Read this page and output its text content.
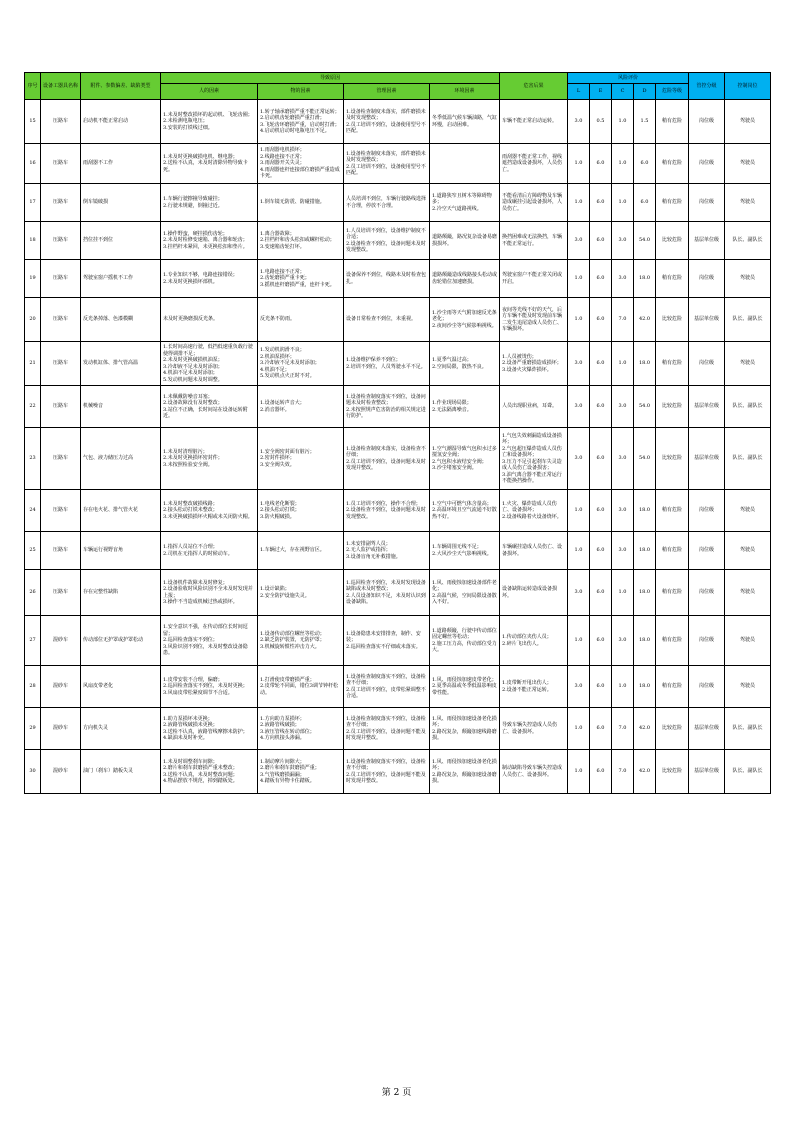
序号	设备工器具名称	附件、参数偏差、缺陷类型	导致原因				危害后果	风险评价					管控分级	控制岗位
			人的因素	物的因素	管理因素	环境因素		L	E	C	D	危险等级		
15	压路车	启动机不能正常启动	1.未及时整改损坏的起动机、飞轮齿圈；
2.未检测电瓶电压；
3.安装的打铁线过细。	1.转子轴承磨损严重不能正常运转；
2.启动机齿轮磨损严重打滑；
3.飞轮齿环磨损严重，启动时打滑；
4.启动机启动时电瓶电压不足。	1.设备检查制度未落实，部件磨损未及时发现整改；
2.员工培训不到位，设备使用型号不匹配。	冬季低温气候车辆油路，气缸环慢，启动困难。	车辆不能正常启动运转。	3.0	0.5	1.0	1.5	稍有危险	岗位级	驾驶员
16	压路车	雨刮器不工作	1.未及时更换破损电机、继电器；
2.送检不认真，未及时清除异物导致卡死。	1.雨刮器电机损坏；
2.线路连接不正常；
3.雨刮器开关失灵；
4.雨刮器连杆连接部位磨损严重造成卡死。	1.设备检查制度未落实，部件磨损未及时发现整改；
2.员工培训不到位，设备使用型号不匹配。		雨刮器不能正常工作，视线遮挡造成设备损坏，人员伤亡。	1.0	6.0	1.0	6.0	稍有危险	岗位级	驾驶员
17	压路车	倒车镜破损	1.车辆行驶擦撞导致碰挂；
2.行驶未规避，倒撞过近。	1.倒车镜无防震、防碰措施。	人员培训不到位，车辆行驶路线选择不合理，停放不合理。	1.道路狭窄且树木等障碍物多；
2.冷空天气道路视线。	不能看清后方障碍物及车辆造成碾挂引起设备损坏，人员伤亡。	1.0	6.0	1.0	6.0	稍有危险	岗位级	驾驶员
18	压路车	挡位挂不到位	1.操作野蛮，硬挂损伤齿轮；
2.未及时检修变速箱、离合器和轮齿；
3.挂档杆未紧回，未更换松扣和垫片。	1.离合器故障；
2.挂档杆和齿头松扣或螺杆松动；
3.变速箱齿轮打坏。	1.人员培训不到位，设备维护制度不合适；
2.设备检查不到位，设备问题未及时发现整改。	道路颠簸，路况复杂设备易磨损损坏。	换挡困难或无法换挡，车辆不能正常运行。	3.0	6.0	3.0	54.0	比较危险	基层单位级	队长、副队长
19	压路车	驾驶室窗户摇机不工作	1.专业知识不够，电路连接错误；
2.未及时更换损坏部机。	1.电路连接不正常；
2.齿轮磨损严重卡死；
3.摇机连杆磨损严重，连杆卡死。	设备保养不到位，线路未及时检查包扎。	道路颠簸造成线路接头松动或齿轮错位加速磨损。	驾驶室窗户不能正常关闭或开启。	1.0	6.0	3.0	18.0	稍有危险	岗位级	驾驶员
20	压路车	反光条掉落、色漆模糊	未及时更换磨损反光条。	反光条不防雨。	设备日常检查不到位，未重视。	1.沙尘雨等天气附加速反光条老化；
2.夜间沙尘等气候影响视线。	夜间等光线不好的天气，后方车辆不能及时发现前车辆二发生追尾造成人员伤亡、车辆损坏。	1.0	6.0	7.0	42.0	比较危险	基层单位级	队长、副队长
21	压路车	发动机缸体、排气管高温	1.长时间高速行驶，低挡低速重负载行驶使得调排不足；
2.未及时更换破损机油泵；
3.冷却液不足未及时添加；
4.机油不足未及时添加；
5.发动机问题未及时调整。	1.发动机润滑不良；
2.机油泵损坏；
3.冷却液不足未及时添加；
4.机油不足；
5.发动机点火正时不对。	1.设备维护保养不到位；
2.培训不到位，人员驾驶水平不足。	1.夏季气温过高；
2.空间局限，散热不良。	1.人员被烫伤；
2.设备严重磨损造成损坏；
3.设备火灾爆炸损坏。	3.0	6.0	1.0	18.0	稍有危险	岗位级	驾驶员
22	压路车	机械噪音	1.未佩戴防噪音耳塞；
2.设备故障没有及时整改；
3.站位不正确，长时间站在设备运转附近。	1.设备运转声音大；
2.消音器坏。	1.设备检查制度落实不到位，设备问题未及时检查整改；
2.未按照规声危害防治的相关规定进行防护。	1.作业现场局限；
2.无法隔离噪音。	人员出现职业病，耳聋。	3.0	6.0	3.0	54.0	比较危险	基层单位级	队长、副队长
23	压路车	气包、液力储压力过高	1.未及时清理脏污；
2.未及时更换损坏密封件；
3.未按照检验安全阀。	1.安全阀密封面有脏污；
2.密封件损坏；
3.安全阀失效。	1.设备检查制度未落实，设备检查不仔细；
2.员工培训不到位，设备问题未及时发现并整改。	1.空气潮湿导致气包积水过多搅氢安全阀；
2.气包积水液结安全阀；
3.沙尘堵塞安全阀。	1.气包失效刺漏造成设备损坏；
2.气包超压爆炸造成人员伤亡和设备损坏；
3.压力不足引起刹车失灵造成人员伤亡设备损害；
3.油气离合器不能正常运行不能换挡操作。	3.0	6.0	3.0	54.0	比较危险	基层单位级	队长、副队长
24	压路车	存在电火花、排气管火花	1.未及时整改破损线路；
2.接头松动打铁未整改；
3.未更换破损损坏火帽或未关闭防火帽。	1.电线老化断裂；
2.接头松动打铁；
3.防火帽破损。	1.员工培训不到位，操作不合理；
2.设备检查不到位，设备问题未及时发现整改。	1.空气中可燃气体含量高；
2.高温环境且空气流通不好散热不好。	1.火灾、爆炸造成人员伤亡、设备损坏；
2.设备线路着火设备烧坏。	1.0	6.0	3.0	18.0	稍有危险	岗位级	驾驶员
25	压路车	车辆运行视野盲角	1.指挥人员站位不合理；
2.司机在无指挥人的时候动车。	1.车辆过大，存在视野盲区。	1.未安排副驾人员；
2.无人监护或指挥；
3.设备盲角无补救措施。	1.车辆周围无线不足；
2.大风沙尘天气影响视线。	车辆碾挂造成人员伤亡、设备损坏。	1.0	6.0	3.0	18.0	稍有危险	岗位级	驾驶员
26	压路车	存在完整性缺陷	1.设备机件故障未及时修复；
2.设备验收时风险识别不全未及时发现并上报；
3.操作不当造成机械过热或损坏。	1.设计缺陷；
2.安全防护设施失灵。	1.巡回检查不到位，未及时发现设备缺陷或未及时整改；
2.人员设备知识不足，未及时认识到设备缺陷。	1.风、雨使蚀加速设备部件老化；
2.高温气候，空间局限设备散入不好。	设备缺陷运转造成设备损坏。	3.0	6.0	1.0	18.0	稍有危险	岗位级	驾驶员
27	混砂车	传动部位无护罩或护罩松动	1.安全意识不强，在传动部位长时间逗留；
2.巡回检查落实不到位；
3.风险识别不到位，未及时整改设备隐患。	1.设备传动部位螺丝等松动；
2.缺乏防护装置，无防护罩；
3.机械旋转惯性冲击力大。	1.设备隐患未安排排查，制作、安装；
2.巡回检查落实不仔细或未落实。	1.道路颠簸，行驶中传动部位固定螺丝等松动；
2.施工压力高，传动部位受力大。	1.传动部位夹伤人员；
2.碎片飞出伤人。	1.0	6.0	3.0	18.0	稍有危险	岗位级	驾驶员
28	混砂车	风扇皮带老化	1.皮带安装不合理，偏磨；
2.巡回检查落实不到位，未及时更换；
3.风扇皮带松紧度调节不合适。	1.打滑使皮带磨损严重；
2.皮带轮不同面，错位3调节钟杆松动。	1.设备检查制度落实不到位，设备检查不仔细；
2.员工培训不到位，皮带松紧调整不合适。	1.风、雨侵蚀加速皮带老化；
2.夏季高温或冬季低温影响皮带性能。	1.皮带断开甩出伤人；
2.设备不能正常运转。	3.0	6.0	1.0	18.0	稍有危险	岗位级	驾驶员
29	混砂车	方向机失灵	1.助力泵损坏未更换；
2.液路管线破损未更换；
3.送检不认真，液路管线摩擦未防护；
4.缺油未及时补充。	1.方向助力泵损坏；
2.液路管线破损；
3.液压管线在转动部位；
4.方向机接头渗漏。	1.设备检查制度落实不到位，设备检查不仔细；
2.员工培训不到位，设备问题不能及时发现并整改。	1.风、雨侵蚀加速设备老化损坏；
2.路况复杂，颠簸加速线路磨损。	导致车辆失控造成人员伤亡、设备损坏。	1.0	6.0	7.0	42.0	比较危险	基层单位级	队长、副队长
30	混砂车	油门（刹车）踏板失灵	1.未及时调整刹车间隙；
2.磨片和刹车鼓磨损严重未整改；
3.送检不认真，未及时整改问题；
4.物品摆放不规范，掉到踏板处。	1.制动摩片间隙大；
2.磨片和刹车鼓磨损严重；
3.气管线磨损漏漏；
4.踏板有异物卡住踏板。	1.设备检查制度落实不到位，设备检查不仔细；
2.员工培训不到位，设备问题不能及时发现并整改。	1.风、雨侵蚀加速设备老化损坏；
2.路况复杂，颠簸加速设备磨损。	制动缺陷导致车辆失控造成人员伤亡、设备损坏。	1.0	6.0	7.0	42.0	比较危险	基层单位级	队长、副队长
第 2 页
